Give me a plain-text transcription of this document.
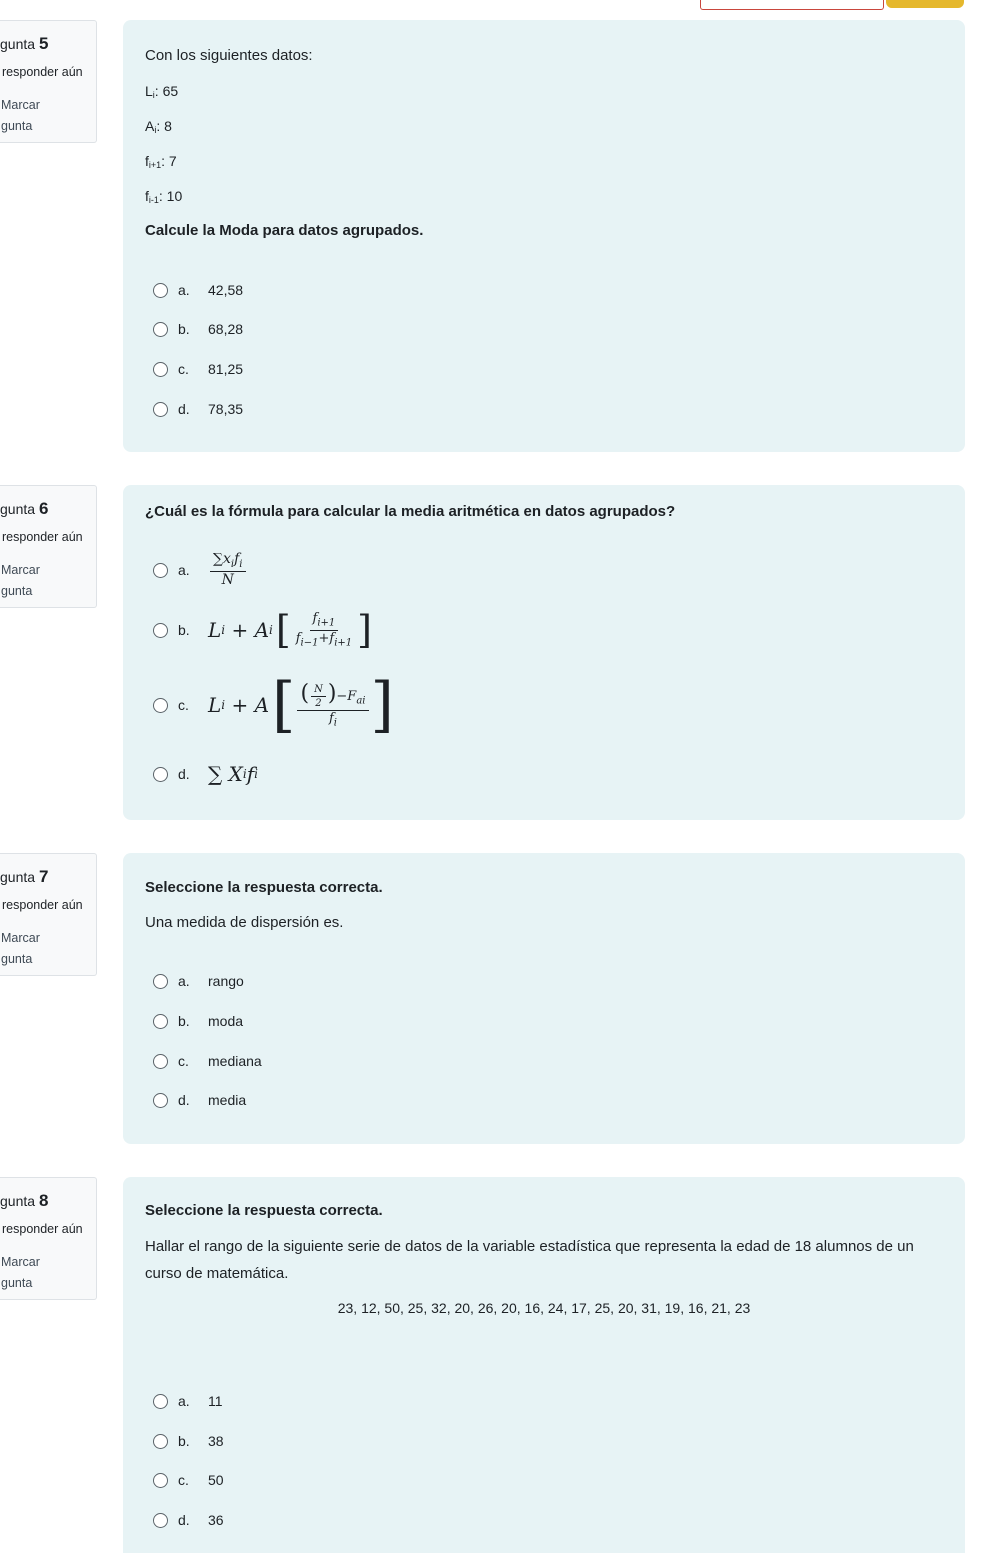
gunta 5
responder aún
Marcar
gunta
Con los siguientes datos:
$L_i$: 65
$A_i$: 8
$f_{i+1}$: 7
$f_{i-1}$: 10
Calcule la Moda para datos agrupados.
a.	42,58
b.	68,28
c.	81,25
d.	78,35
gunta 6
responder aún
Marcar
gunta
¿Cuál es la fórmula para calcular la media aritmética en datos agrupados?
a.	$\frac{\sum x_if_i}{N}$
b. L i + A i [ $\frac{f_{i+1}}{f_{i-1}+f_{i+1}}$ ]
c. L i + A [ $\frac{( \frac{N}{2} )-F_{ai}}{f_i}$ ]
d. ∑ X i f i
gunta 7
responder aún
Marcar
gunta
Seleccione la respuesta correcta.
Una medida de dispersión es.
a.	rango
b.	moda
c.	mediana
d.	media
gunta 8
responder aún
Marcar
gunta
Seleccione la respuesta correcta.
Hallar el rango de la siguiente serie de datos de la variable estadística que representa la edad de 18 alumnos de un
curso de matemática.
23, 12, 50, 25, 32, 20, 26, 20, 16, 24, 17, 25, 20, 31, 19, 16, 21, 23
a.	11
b.	38
c.	50
d.	36
